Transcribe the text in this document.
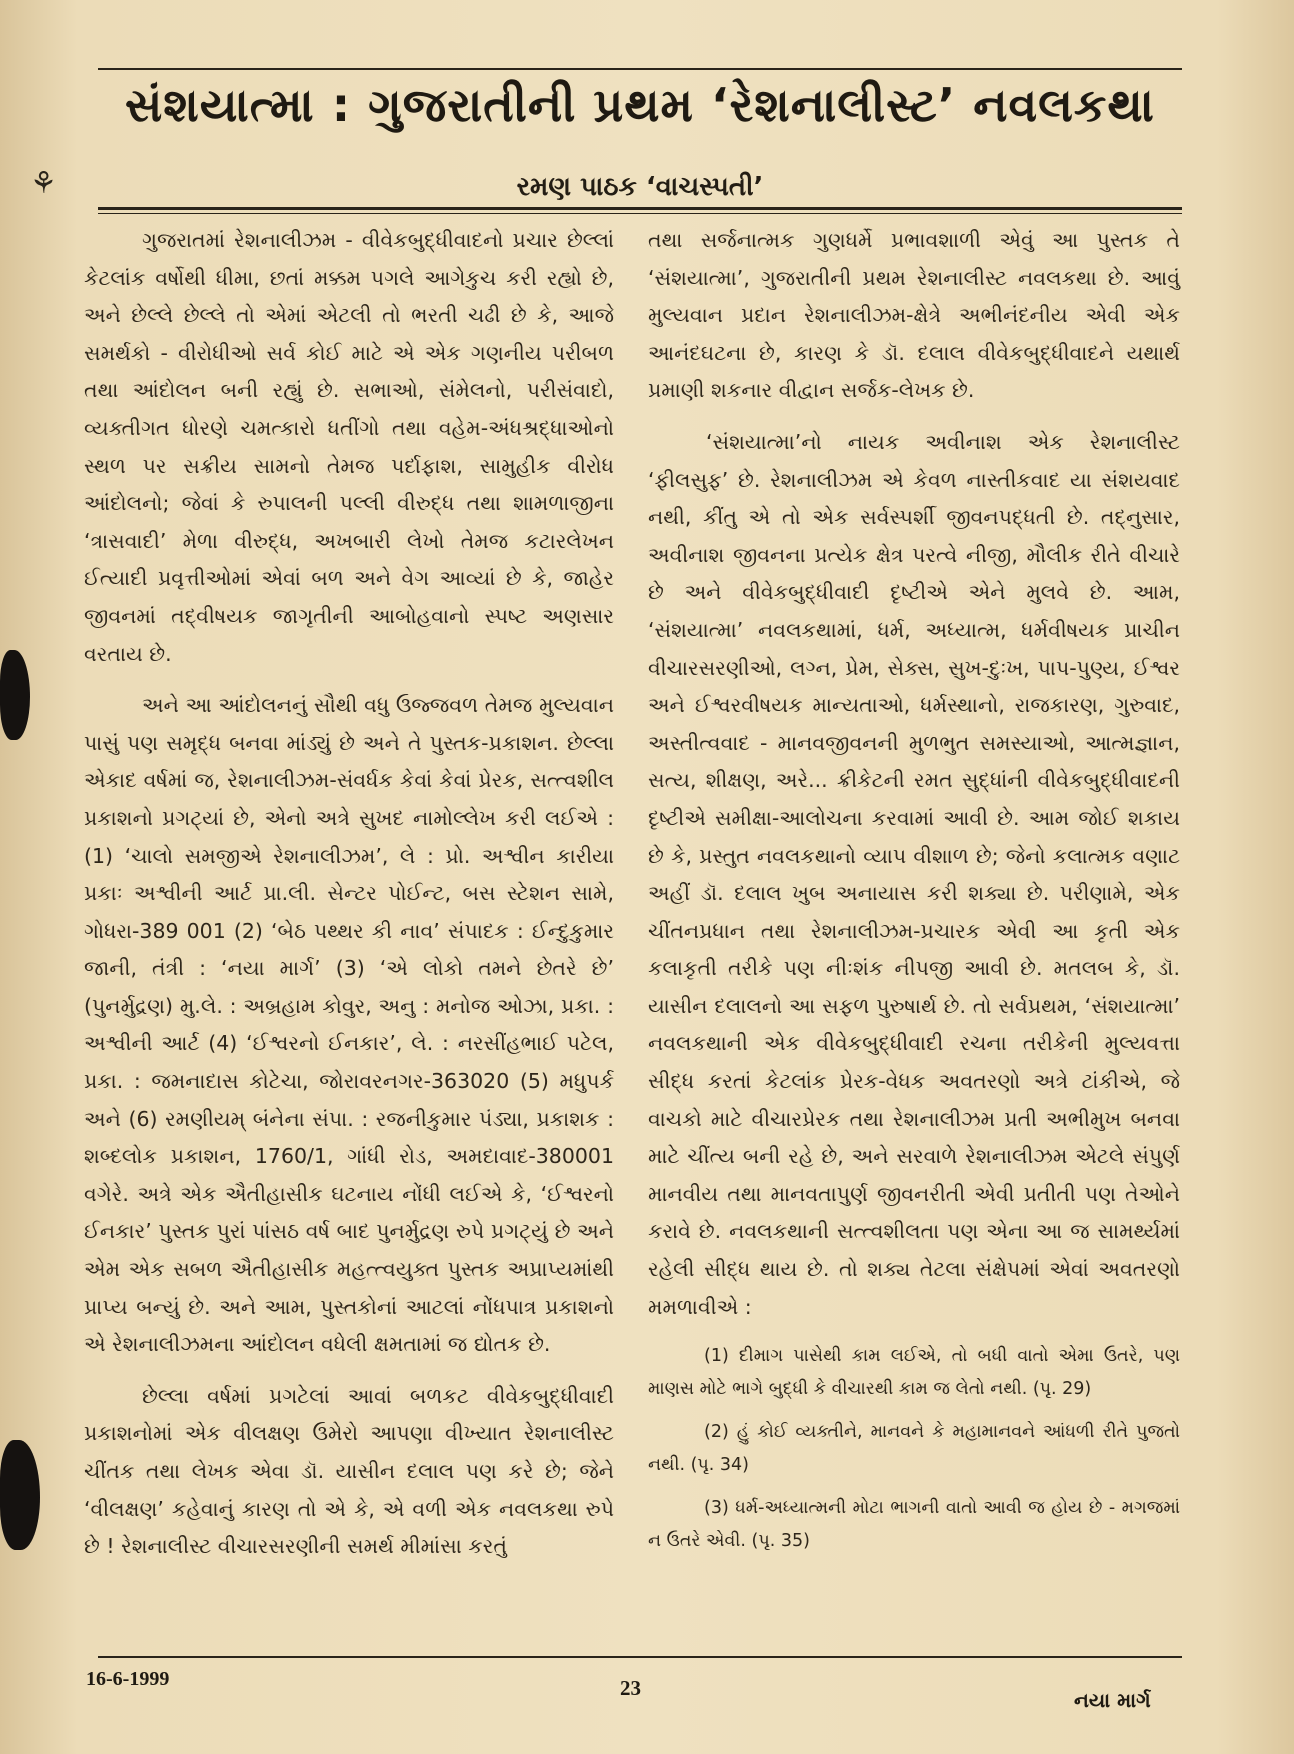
સંશયાત્મા : ગુજરાતીની પ્રથમ ‘રેશનાલીસ્ટ’ નવલકથા
⚘	રમણ પાઠક ‘વાચસ્પતી’

ગુજરાતમાં રેશનાલીઝમ - વીવેકબુદ્ધીવાદનો પ્રચાર છેલ્લાં કેટલાંક વર્ષોથી ધીમા, છતાં મક્કમ પગલે આગેકુચ કરી રહ્યો છે, અને છેલ્લે છેલ્લે તો એમાં એટલી તો ભરતી ચઢી છે કે, આજે સમર્થકો - વીરોધીઓ સર્વ કોઈ માટે એ એક ગણનીય પરીબળ તથા આંદોલન બની રહ્યું છે. સભાઓ, સંમેલનો, પરીસંવાદો, વ્યક્તીગત ધોરણે ચમત્કારો ધતીંગો તથા વહેમ-અંધશ્રદ્ધાઓનો સ્થળ પર સક્રીય સામનો તેમજ પર્દાફાશ, સામુહીક વીરોધ આંદોલનો; જેવાં કે રુપાલની પલ્લી વીરુદ્ધ તથા શામળાજીના ‘ત્રાસવાદી’ મેળા વીરુદ્ધ, અખબારી લેખો તેમજ કટારલેખન ઈત્યાદી પ્રવૃત્તીઓમાં એવાં બળ અને વેગ આવ્યાં છે કે, જાહેર જીવનમાં તદ્‌વીષયક જાગૃતીની આબોહવાનો સ્પષ્ટ અણસાર વરતાય છે.

અને આ આંદોલનનું સૌથી વધુ ઉજ્જવળ તેમજ મુલ્યવાન પાસું પણ સમૃદ્ધ બનવા માંડ્યું છે અને તે પુસ્તક-પ્રકાશન. છેલ્લા એકાદ વર્ષમાં જ, રેશનાલીઝમ-સંવર્ધક કેવાં કેવાં પ્રેરક, સત્ત્વશીલ પ્રકાશનો પ્રગટ્યાં છે, એનો અત્રે સુખદ નામોલ્લેખ કરી લઈએ : (1) ‘ચાલો સમજીએ રેશનાલીઝમ’, લે : પ્રો. અશ્વીન કારીયા પ્રકાઃ અશ્વીની આર્ટ પ્રા.લી. સેન્ટર પોઈન્ટ, બસ સ્ટેશન સામે, ગોધરા-389 001 (2) ‘બેઠ પથ્થર કી નાવ’ સંપાદક : ઈન્દુકુમાર જાની, તંત્રી : ‘નયા માર્ગ’ (3) ‘એ લોકો તમને છેતરે છે’ (પુનર્મુદ્રણ) મુ.લે. : અબ્રહામ કોવુર, અનુ : મનોજ ઓઝા, પ્રકા. : અશ્વીની આર્ટ (4) ‘ઈશ્વરનો ઈનકાર’, લે. : નરસીંહભાઈ પટેલ, પ્રકા. : જમનાદાસ કોટેચા, જોરાવરનગર-363020 (5) મધુપર્ક અને (6) રમણીયમ્ બંનેના સંપા. : રજનીકુમાર પંડ્યા, પ્રકાશક : શબ્દલોક પ્રકાશન, 1760/1, ગાંધી રોડ, અમદાવાદ-380001 વગેરે. અત્રે એક ઐતીહાસીક ઘટનાય નોંધી લઈએ કે, ‘ઈશ્વરનો ઈનકાર’ પુસ્તક પુરાં પાંસઠ વર્ષ બાદ પુનર્મુદ્રણ રુપે પ્રગટ્યું છે અને એમ એક સબળ ઐતીહાસીક મહત્ત્વયુક્ત પુસ્તક અપ્રાપ્યમાંથી પ્રાપ્ય બન્યું છે. અને આમ, પુસ્તકોનાં આટલાં નોંધપાત્ર પ્રકાશનો એ રેશનાલીઝમના આંદોલન વધેલી ક્ષમતામાં જ દ્યોતક છે.

છેલ્લા વર્ષમાં પ્રગટેલાં આવાં બળકટ વીવેકબુદ્ધીવાદી પ્રકાશનોમાં એક વીલક્ષણ ઉમેરો આપણા વીખ્યાત રેશનાલીસ્ટ ચીંતક તથા લેખક એવા ડૉ. યાસીન દલાલ પણ કરે છે; જેને ‘વીલક્ષણ’ કહેવાનું કારણ તો એ કે, એ વળી એક નવલકથા રુપે છે ! રેશનાલીસ્ટ વીચારસરણીની સમર્થ મીમાંસા કરતું

તથા સર્જનાત્મક ગુણધર્મે પ્રભાવશાળી એવું આ પુસ્તક તે ‘સંશયાત્મા’, ગુજરાતીની પ્રથમ રેશનાલીસ્ટ નવલકથા છે. આવું મુલ્યવાન પ્રદાન રેશનાલીઝમ-ક્ષેત્રે અભીનંદનીય એવી એક આનંદઘટના છે, કારણ કે ડૉ. દલાલ વીવેકબુદ્ધીવાદને યથાર્થ પ્રમાણી શકનાર વીદ્વાન સર્જક-લેખક છે.

‘સંશયાત્મા’નો નાયક અવીનાશ એક રેશનાલીસ્ટ ‘ફીલસુફ’ છે. રેશનાલીઝમ એ કેવળ નાસ્તીકવાદ યા સંશયવાદ નથી, કીંતુ એ તો એક સર્વસ્પર્શી જીવનપદ્ધતી છે. તદ્‌નુસાર, અવીનાશ જીવનના પ્રત્યેક ક્ષેત્ર પરત્વે નીજી, મૌલીક રીતે વીચારે છે અને વીવેકબુદ્ધીવાદી દૃષ્ટીએ એને મુલવે છે. આમ, ‘સંશયાત્મા’ નવલકથામાં, ધર્મ, અધ્યાત્મ, ધર્મવીષયક પ્રાચીન વીચારસરણીઓ, લગ્ન, પ્રેમ, સેક્સ, સુખ-દુઃખ, પાપ-પુણ્ય, ઈશ્વર અને ઈશ્વરવીષયક માન્યતાઓ, ધર્મસ્થાનો, રાજકારણ, ગુરુવાદ, અસ્તીત્વવાદ - માનવજીવનની મુળભુત સમસ્યાઓ, આત્મજ્ઞાન, સત્ય, શીક્ષણ, અરે... ક્રીકેટની રમત સુદ્ધાંની વીવેકબુદ્ધીવાદની દૃષ્ટીએ સમીક્ષા-આલોચના કરવામાં આવી છે. આમ જોઈ શકાય છે કે, પ્રસ્તુત નવલકથાનો વ્યાપ વીશાળ છે; જેનો કલાત્મક વણાટ અહીં ડૉ. દલાલ ખુબ અનાયાસ કરી શક્યા છે. પરીણામે, એક ચીંતનપ્રધાન તથા રેશનાલીઝમ-પ્રચારક એવી આ કૃતી એક કલાકૃતી તરીકે પણ નીઃશંક નીપજી આવી છે. મતલબ કે, ડૉ. યાસીન દલાલનો આ સફળ પુરુષાર્થ છે. તો સર્વપ્રથમ, ‘સંશયાત્મા’ નવલકથાની એક વીવેકબુદ્ધીવાદી રચના તરીકેની મુલ્યવત્તા સીદ્ધ કરતાં કેટલાંક પ્રેરક-વેધક અવતરણો અત્રે ટાંકીએ, જે વાચકો માટે વીચારપ્રેરક તથા રેશનાલીઝમ પ્રતી અભીમુખ બનવા માટે ચીંત્ય બની રહે છે, અને સરવાળે રેશનાલીઝમ એટલે સંપુર્ણ માનવીય તથા માનવતાપુર્ણ જીવનરીતી એવી પ્રતીતી પણ તેઓને કરાવે છે. નવલકથાની સત્ત્વશીલતા પણ એના આ જ સામર્થ્યમાં રહેલી સીદ્ધ થાય છે. તો શક્ય તેટલા સંક્ષેપમાં એવાં અવતરણો મમળાવીએ :

(1) દીમાગ પાસેથી કામ લઈએ, તો બધી વાતો એમા ઉતરે, પણ માણસ મોટે ભાગે બુદ્ધી કે વીચારથી કામ જ લેતો નથી. (પૃ. 29)
(2) હું કોઈ વ્યક્તીને, માનવને કે મહામાનવને આંધળી રીતે પુજતો નથી. (પૃ. 34)
(3) ધર્મ-અધ્યાત્મની મોટા ભાગની વાતો આવી જ હોય છે - મગજમાં ન ઉતરે એવી. (પૃ. 35)
16-6-1999	23	નયા માર્ગ
